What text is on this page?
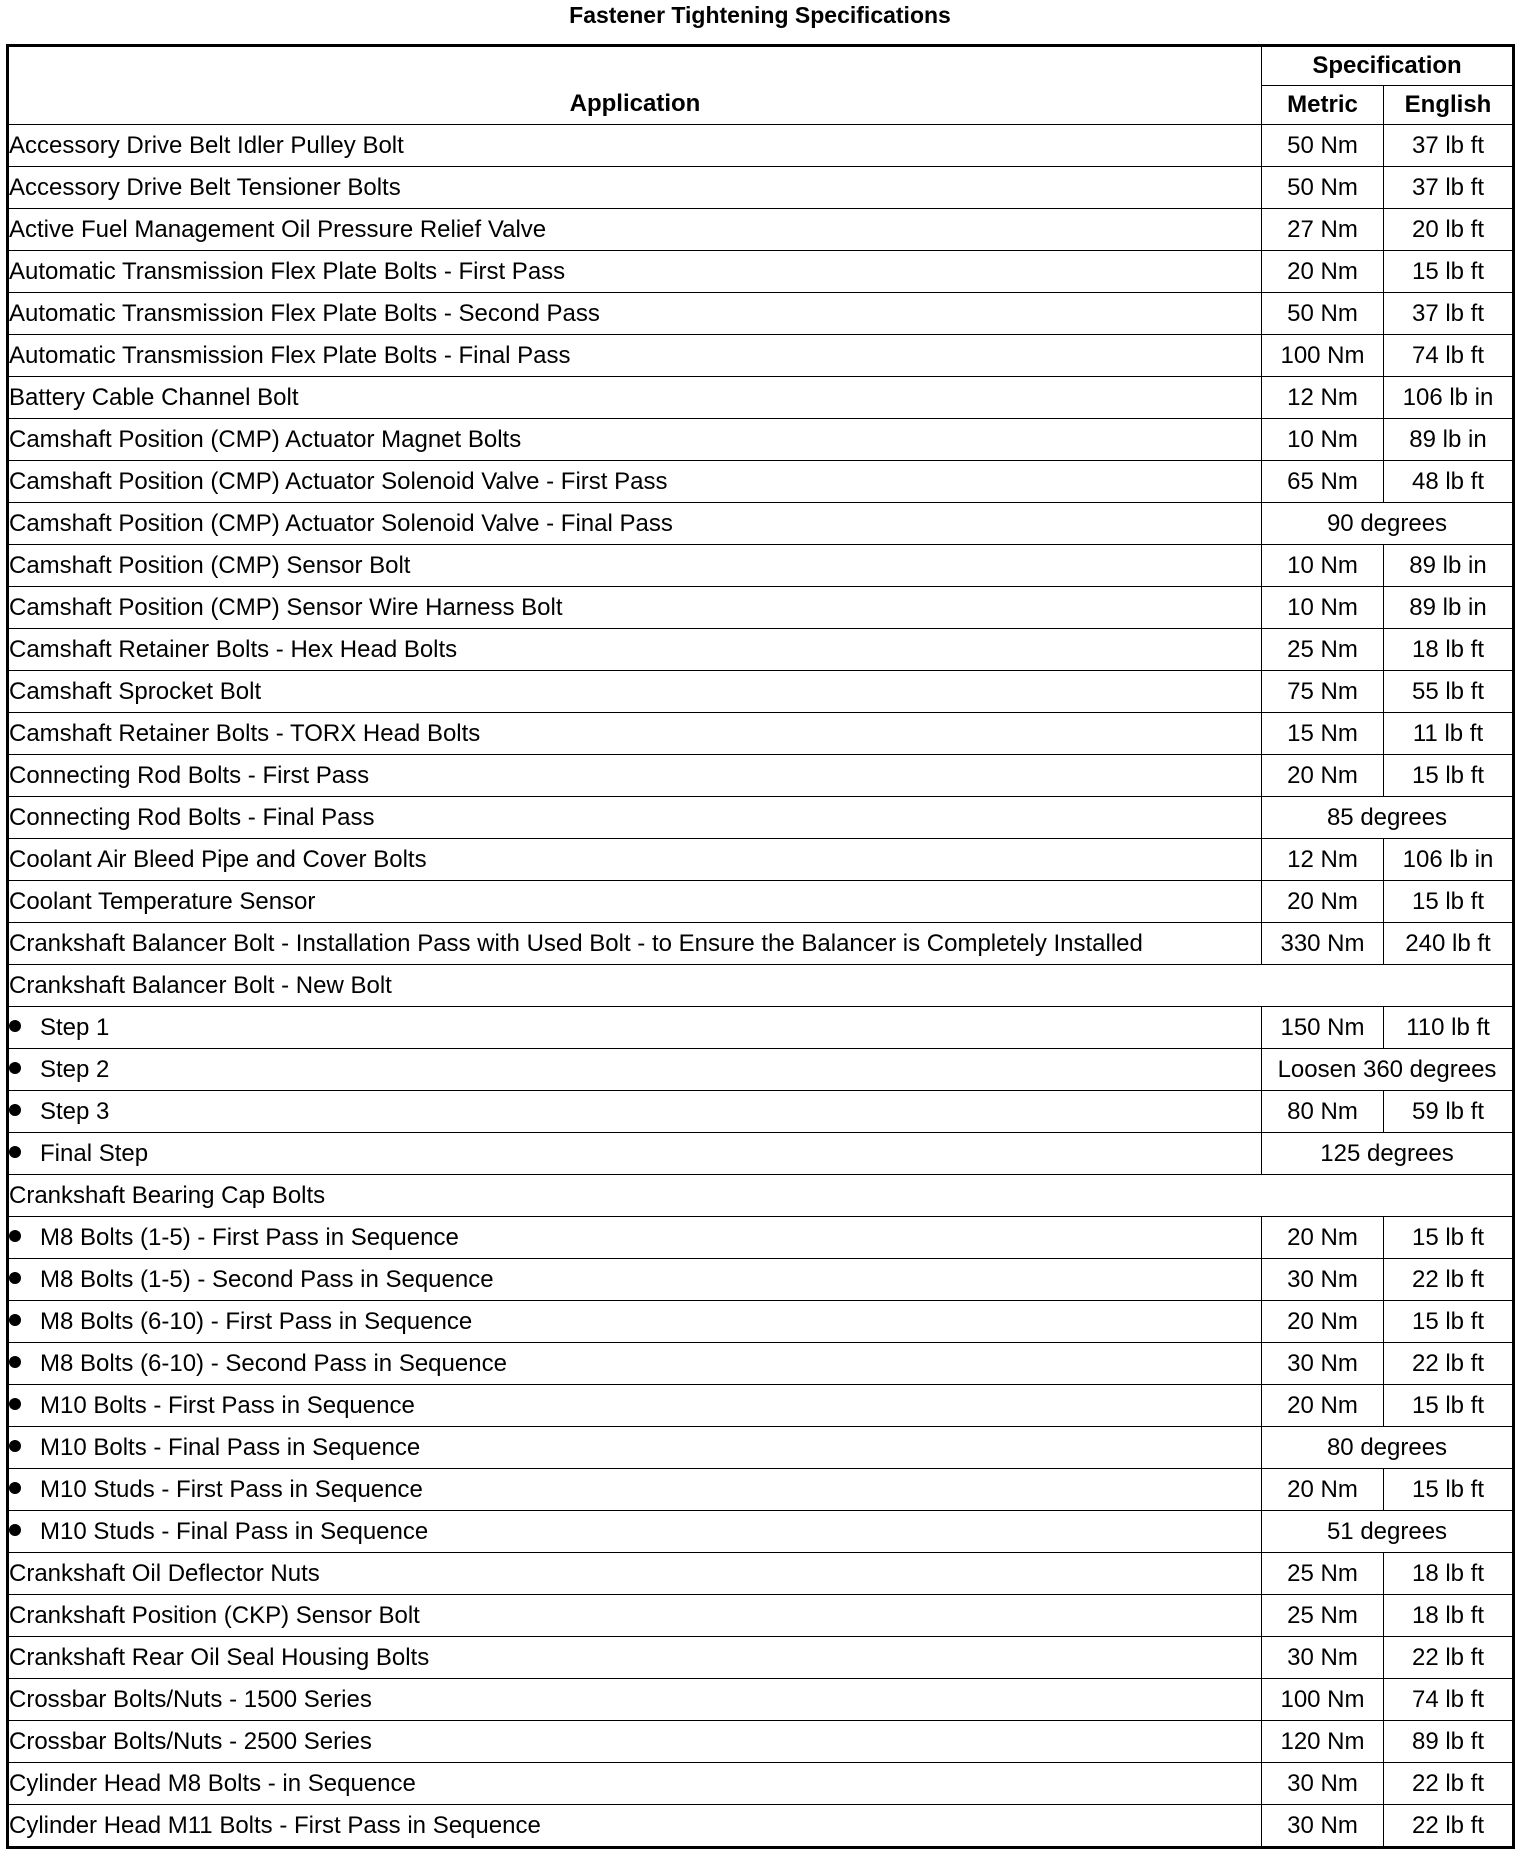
Fastener Tightening Specifications
Application	Specification	
	Metric	English
Accessory Drive Belt Idler Pulley Bolt	50 Nm	37 lb ft
Accessory Drive Belt Tensioner Bolts	50 Nm	37 lb ft
Active Fuel Management Oil Pressure Relief Valve	27 Nm	20 lb ft
Automatic Transmission Flex Plate Bolts - First Pass	20 Nm	15 lb ft
Automatic Transmission Flex Plate Bolts - Second Pass	50 Nm	37 lb ft
Automatic Transmission Flex Plate Bolts - Final Pass	100 Nm	74 lb ft
Battery Cable Channel Bolt	12 Nm	106 lb in
Camshaft Position (CMP) Actuator Magnet Bolts	10 Nm	89 lb in
Camshaft Position (CMP) Actuator Solenoid Valve - First Pass	65 Nm	48 lb ft
Camshaft Position (CMP) Actuator Solenoid Valve - Final Pass	90 degrees	
Camshaft Position (CMP) Sensor Bolt	10 Nm	89 lb in
Camshaft Position (CMP) Sensor Wire Harness Bolt	10 Nm	89 lb in
Camshaft Retainer Bolts - Hex Head Bolts	25 Nm	18 lb ft
Camshaft Sprocket Bolt	75 Nm	55 lb ft
Camshaft Retainer Bolts - TORX Head Bolts	15 Nm	11 lb ft
Connecting Rod Bolts - First Pass	20 Nm	15 lb ft
Connecting Rod Bolts - Final Pass	85 degrees	
Coolant Air Bleed Pipe and Cover Bolts	12 Nm	106 lb in
Coolant Temperature Sensor	20 Nm	15 lb ft
Crankshaft Balancer Bolt - Installation Pass with Used Bolt - to Ensure the Balancer is Completely Installed	330 Nm	240 lb ft
Crankshaft Balancer Bolt - New Bolt		
Step 1	150 Nm	110 lb ft
Step 2	Loosen 360 degrees	
Step 3	80 Nm	59 lb ft
Final Step	125 degrees	
Crankshaft Bearing Cap Bolts		
M8 Bolts (1-5) - First Pass in Sequence	20 Nm	15 lb ft
M8 Bolts (1-5) - Second Pass in Sequence	30 Nm	22 lb ft
M8 Bolts (6-10) - First Pass in Sequence	20 Nm	15 lb ft
M8 Bolts (6-10) - Second Pass in Sequence	30 Nm	22 lb ft
M10 Bolts - First Pass in Sequence	20 Nm	15 lb ft
M10 Bolts - Final Pass in Sequence	80 degrees	
M10 Studs - First Pass in Sequence	20 Nm	15 lb ft
M10 Studs - Final Pass in Sequence	51 degrees	
Crankshaft Oil Deflector Nuts	25 Nm	18 lb ft
Crankshaft Position (CKP) Sensor Bolt	25 Nm	18 lb ft
Crankshaft Rear Oil Seal Housing Bolts	30 Nm	22 lb ft
Crossbar Bolts/Nuts - 1500 Series	100 Nm	74 lb ft
Crossbar Bolts/Nuts - 2500 Series	120 Nm	89 lb ft
Cylinder Head M8 Bolts - in Sequence	30 Nm	22 lb ft
Cylinder Head M11 Bolts - First Pass in Sequence	30 Nm	22 lb ft
